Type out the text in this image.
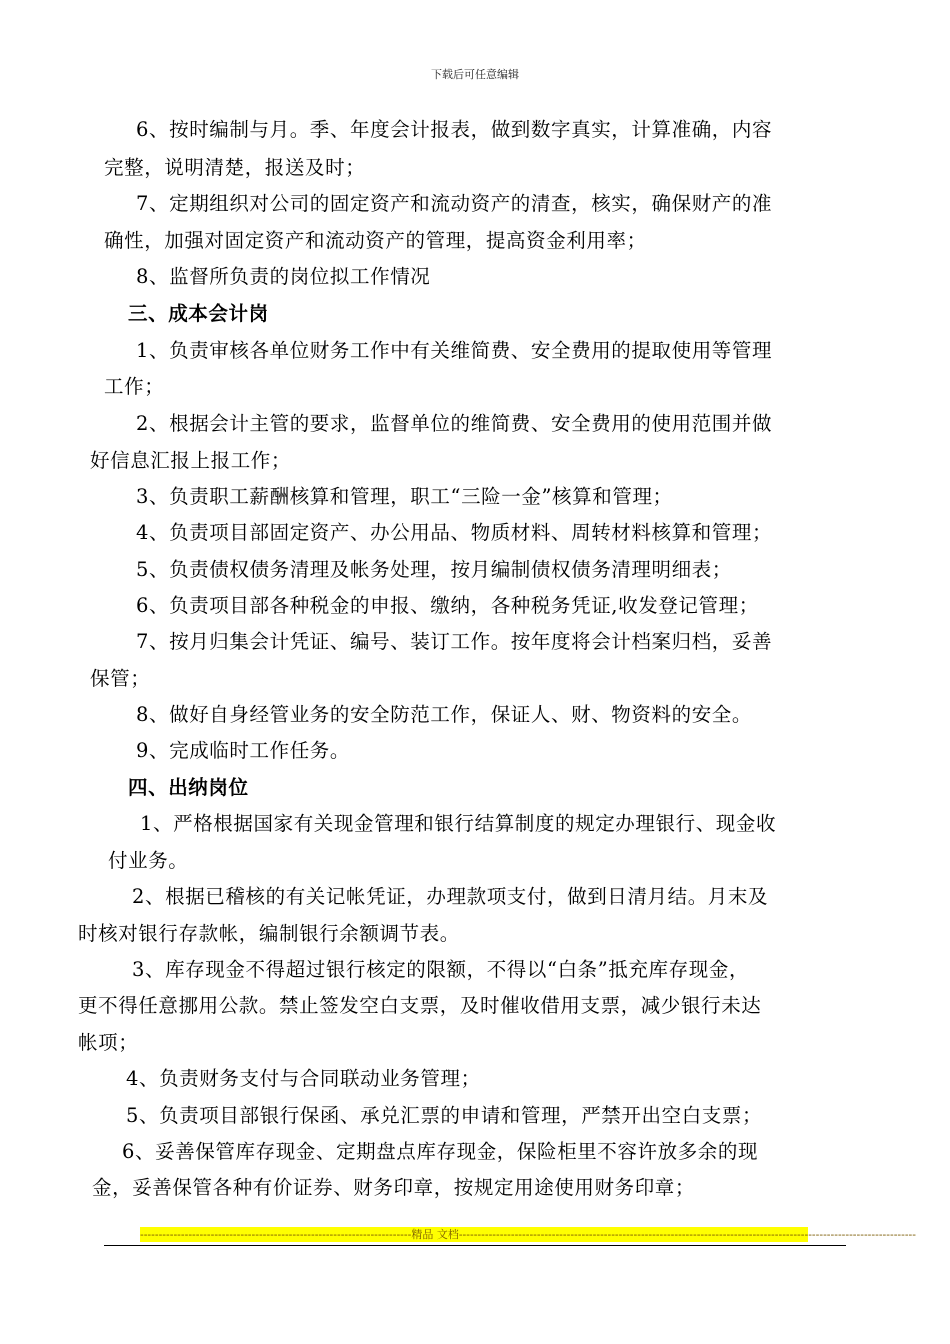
下载后可任意编辑
6、按时编制与月。季、年度会计报表，做到数字真实，计算准确，内容
完整，说明清楚，报送及时；
7、定期组织对公司的固定资产和流动资产的清查，核实，确保财产的准
确性，加强对固定资产和流动资产的管理，提高资金利用率；
8、监督所负责的岗位拟工作情况
三、成本会计岗
1、负责审核各单位财务工作中有关维简费、安全费用的提取使用等管理
工作；
2、根据会计主管的要求，监督单位的维简费、安全费用的使用范围并做
好信息汇报上报工作；
3、负责职工薪酬核算和管理，职工“三险一金”核算和管理；
4、负责项目部固定资产、办公用品、物质材料、周转材料核算和管理；
5、负责债权债务清理及帐务处理，按月编制债权债务清理明细表；
6、负责项目部各种税金的申报、缴纳，各种税务凭证,收发登记管理；
7、按月归集会计凭证、编号、装订工作。按年度将会计档案归档，妥善
保管；
8、做好自身经管业务的安全防范工作，保证人、财、物资料的安全。
9、完成临时工作任务。
四、出纳岗位
1、严格根据国家有关现金管理和银行结算制度的规定办理银行、现金收
付业务。
2、根据已稽核的有关记帐凭证，办理款项支付，做到日清月结。月末及
时核对银行存款帐，编制银行余额调节表。
3、库存现金不得超过银行核定的限额，不得以“白条”抵充库存现金，
更不得任意挪用公款。禁止签发空白支票，及时催收借用支票，减少银行未达
帐项；
4、负责财务支付与合同联动业务管理；
5、负责项目部银行保函、承兑汇票的申请和管理，严禁开出空白支票；
6、妥善保管库存现金、定期盘点库存现金，保险柜里不容许放多余的现
金，妥善保管各种有价证券、财务印章，按规定用途使用财务印章；
-------------------------------------------------------------------------精品 文档---------------------------------------------------------------------------------------------------------------------------
